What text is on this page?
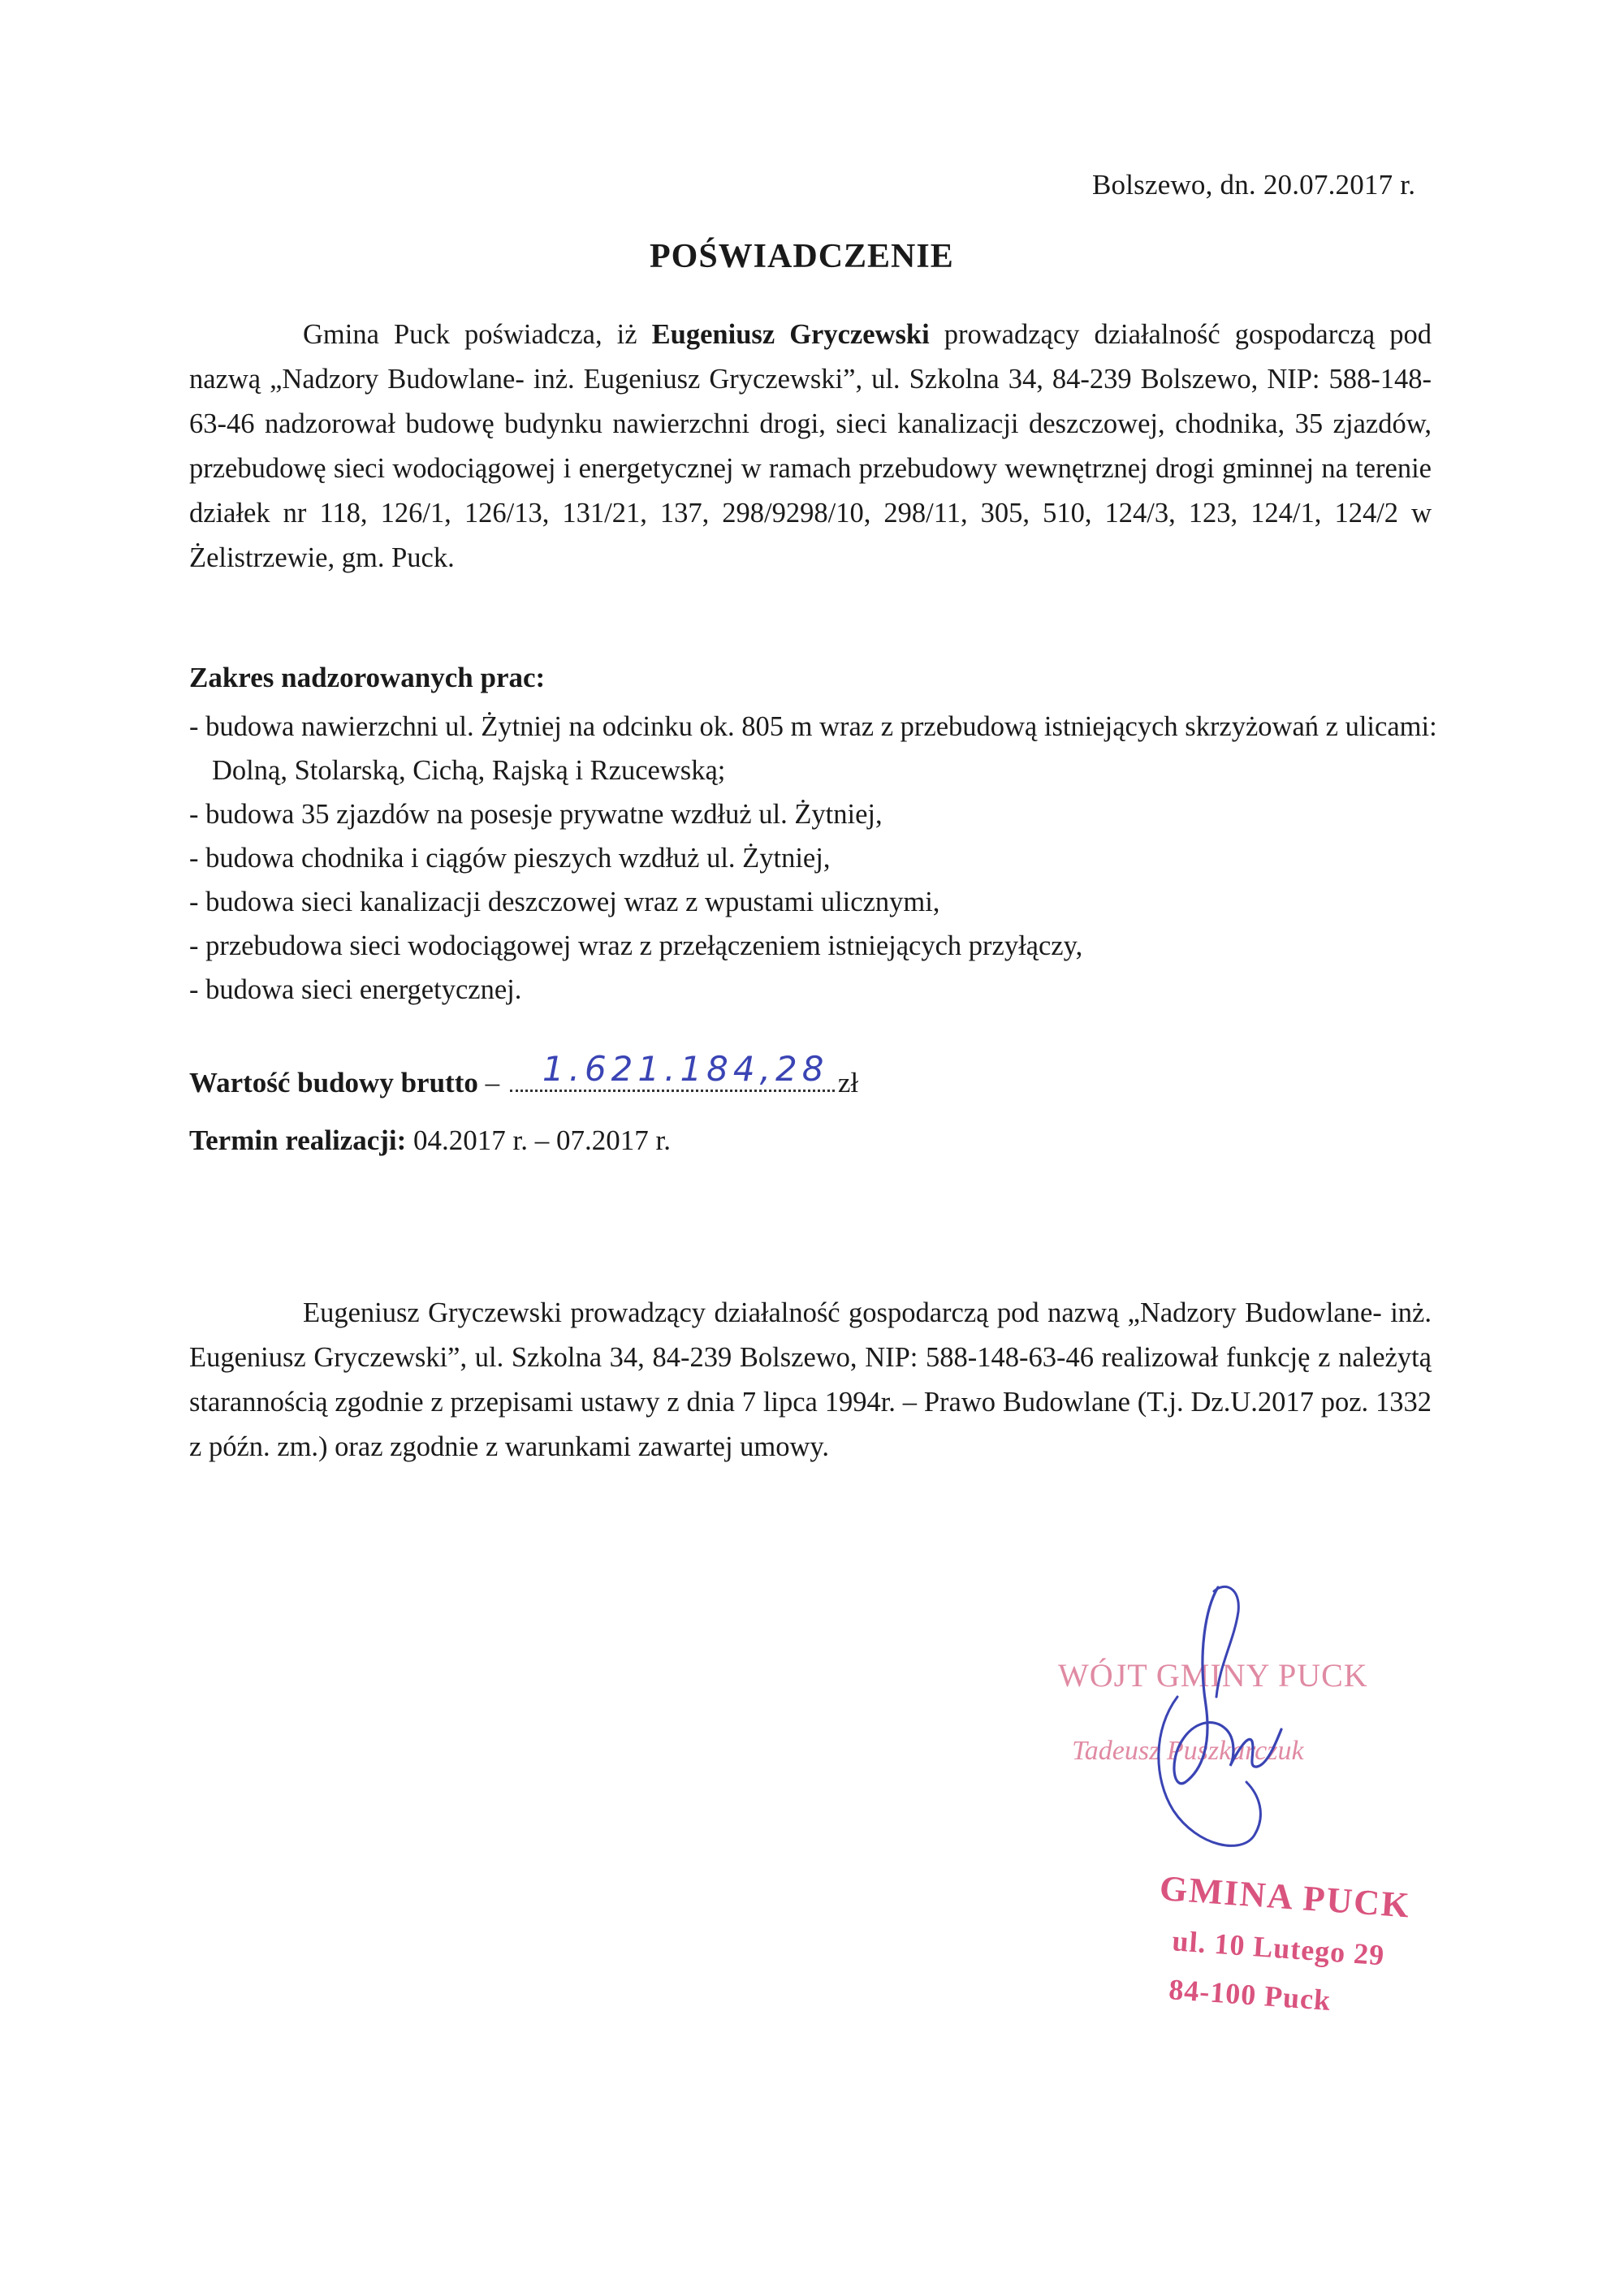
Bolszewo, dn. 20.07.2017 r.
POŚWIADCZENIE
Gmina Puck poświadcza, iż Eugeniusz Gryczewski prowadzący działalność gospodarczą pod nazwą „Nadzory Budowlane- inż. Eugeniusz Gryczewski”, ul. Szkolna 34, 84-239 Bolszewo, NIP: 588-148-63-46 nadzorował budowę budynku nawierzchni drogi, sieci kanalizacji deszczowej, chodnika, 35 zjazdów, przebudowę sieci wodociągowej i energetycznej w ramach przebudowy wewnętrznej drogi gminnej na terenie działek nr 118, 126/1, 126/13, 131/21, 137, 298/9298/10, 298/11, 305, 510, 124/3, 123, 124/1, 124/2 w Żelistrzewie, gm. Puck.
Zakres nadzorowanych prac:
- budowa nawierzchni ul. Żytniej na odcinku ok. 805 m wraz z przebudową istniejących skrzyżowań z ulicami: Dolną, Stolarską, Cichą, Rajską i Rzucewską;
- budowa 35 zjazdów na posesje prywatne wzdłuż ul. Żytniej,
- budowa chodnika i ciągów pieszych wzdłuż ul. Żytniej,
- budowa sieci kanalizacji deszczowej wraz z wpustami ulicznymi,
- przebudowa sieci wodociągowej wraz z przełączeniem istniejących przyłączy,
- budowa sieci energetycznej.
Wartość budowy brutto – 1.621.184,28 zł
Termin realizacji: 04.2017 r. – 07.2017 r.
Eugeniusz Gryczewski prowadzący działalność gospodarczą pod nazwą „Nadzory Budowlane- inż. Eugeniusz Gryczewski”, ul. Szkolna 34, 84-239 Bolszewo, NIP: 588-148-63-46 realizował funkcję z należytą starannością zgodnie z przepisami ustawy z dnia 7 lipca 1994r. – Prawo Budowlane (T.j. Dz.U.2017 poz. 1332 z późn. zm.) oraz zgodnie z warunkami zawartej umowy.
WÓJT GMINY PUCK
Tadeusz Puszkarczuk
GMINA PUCK
ul. 10 Lutego 29
84-100 Puck
